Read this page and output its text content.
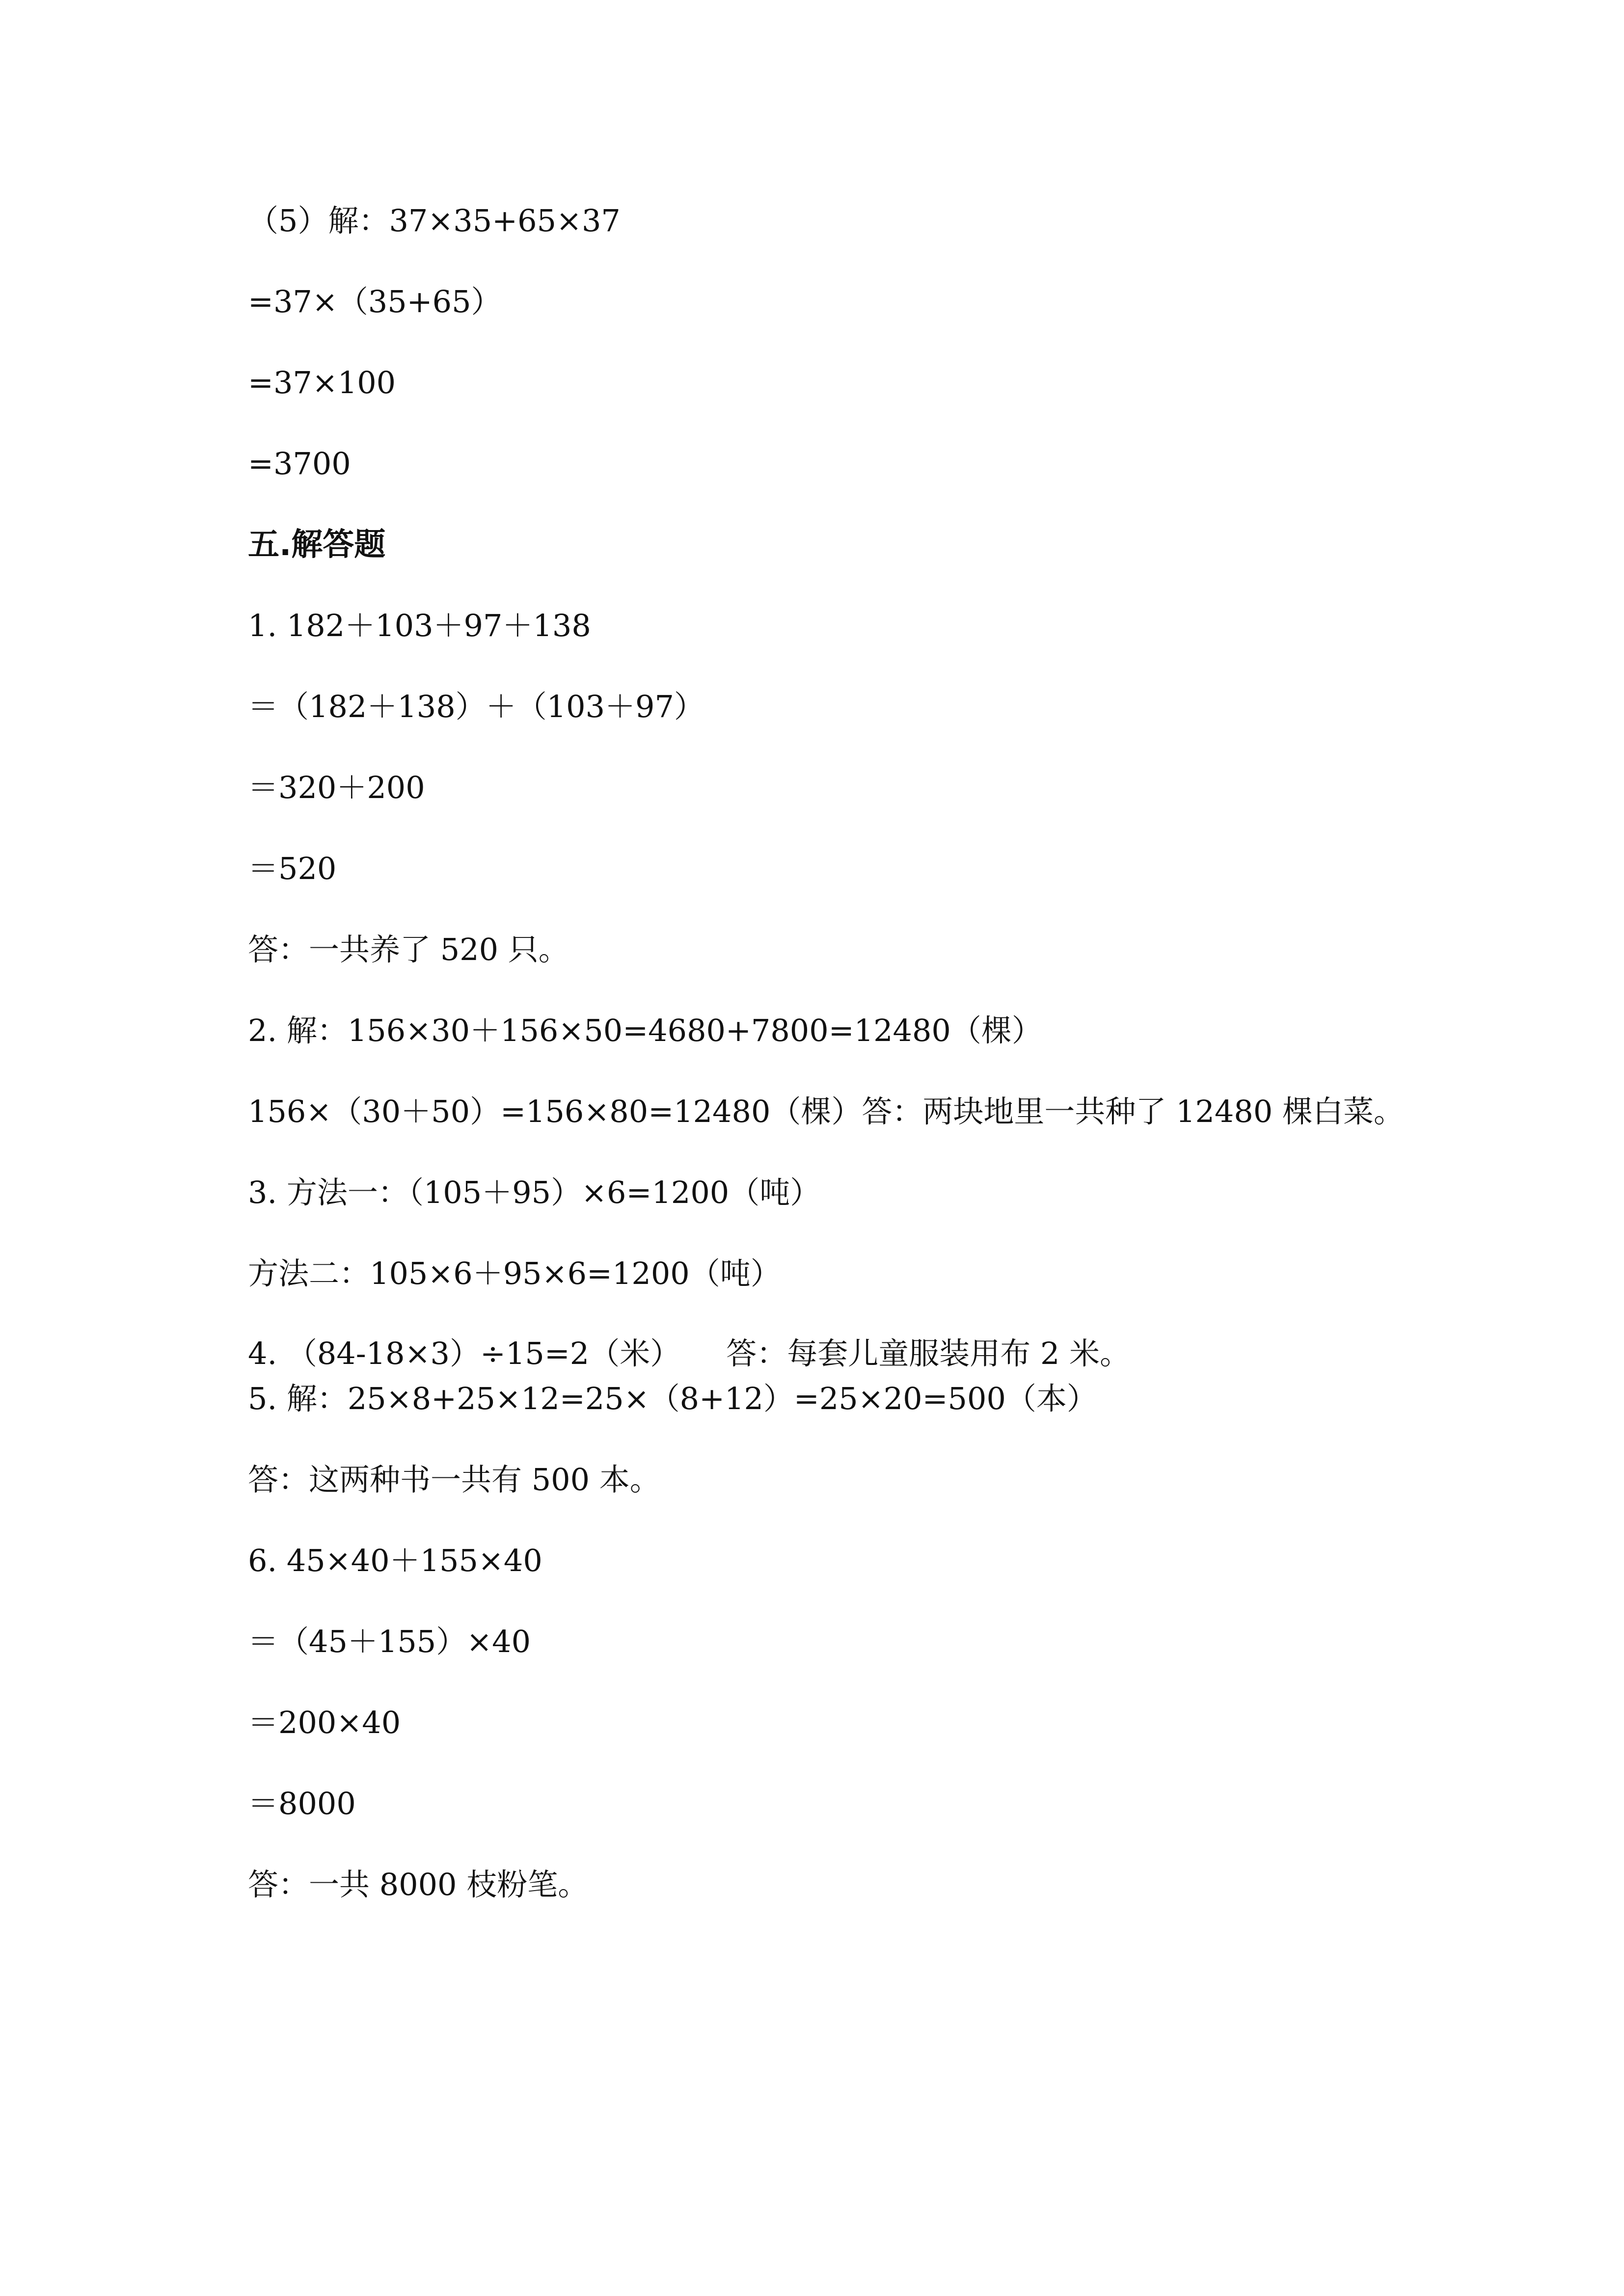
（5）解：37×35+65×37

=37×（35+65）

=37×100

=3700

五.解答题

1. 182＋103＋97＋138

＝（182＋138）＋（103＋97）

＝320＋200

＝520

答：一共养了 520 只。

2. 解：156×30＋156×50=4680+7800=12480（棵）

156×（30＋50）=156×80=12480（棵）答：两块地里一共种了 12480 棵白菜。

3. 方法一：（105＋95）×6=1200（吨）

方法二：105×6＋95×6=1200（吨）

4. （84-18×3）÷15=2（米）　　答：每套儿童服装用布 2 米。

5. 解：25×8+25×12=25×（8+12）=25×20=500（本）

答：这两种书一共有 500 本。

6. 45×40＋155×40

＝（45＋155）×40

＝200×40

＝8000

答：一共 8000 枝粉笔。
